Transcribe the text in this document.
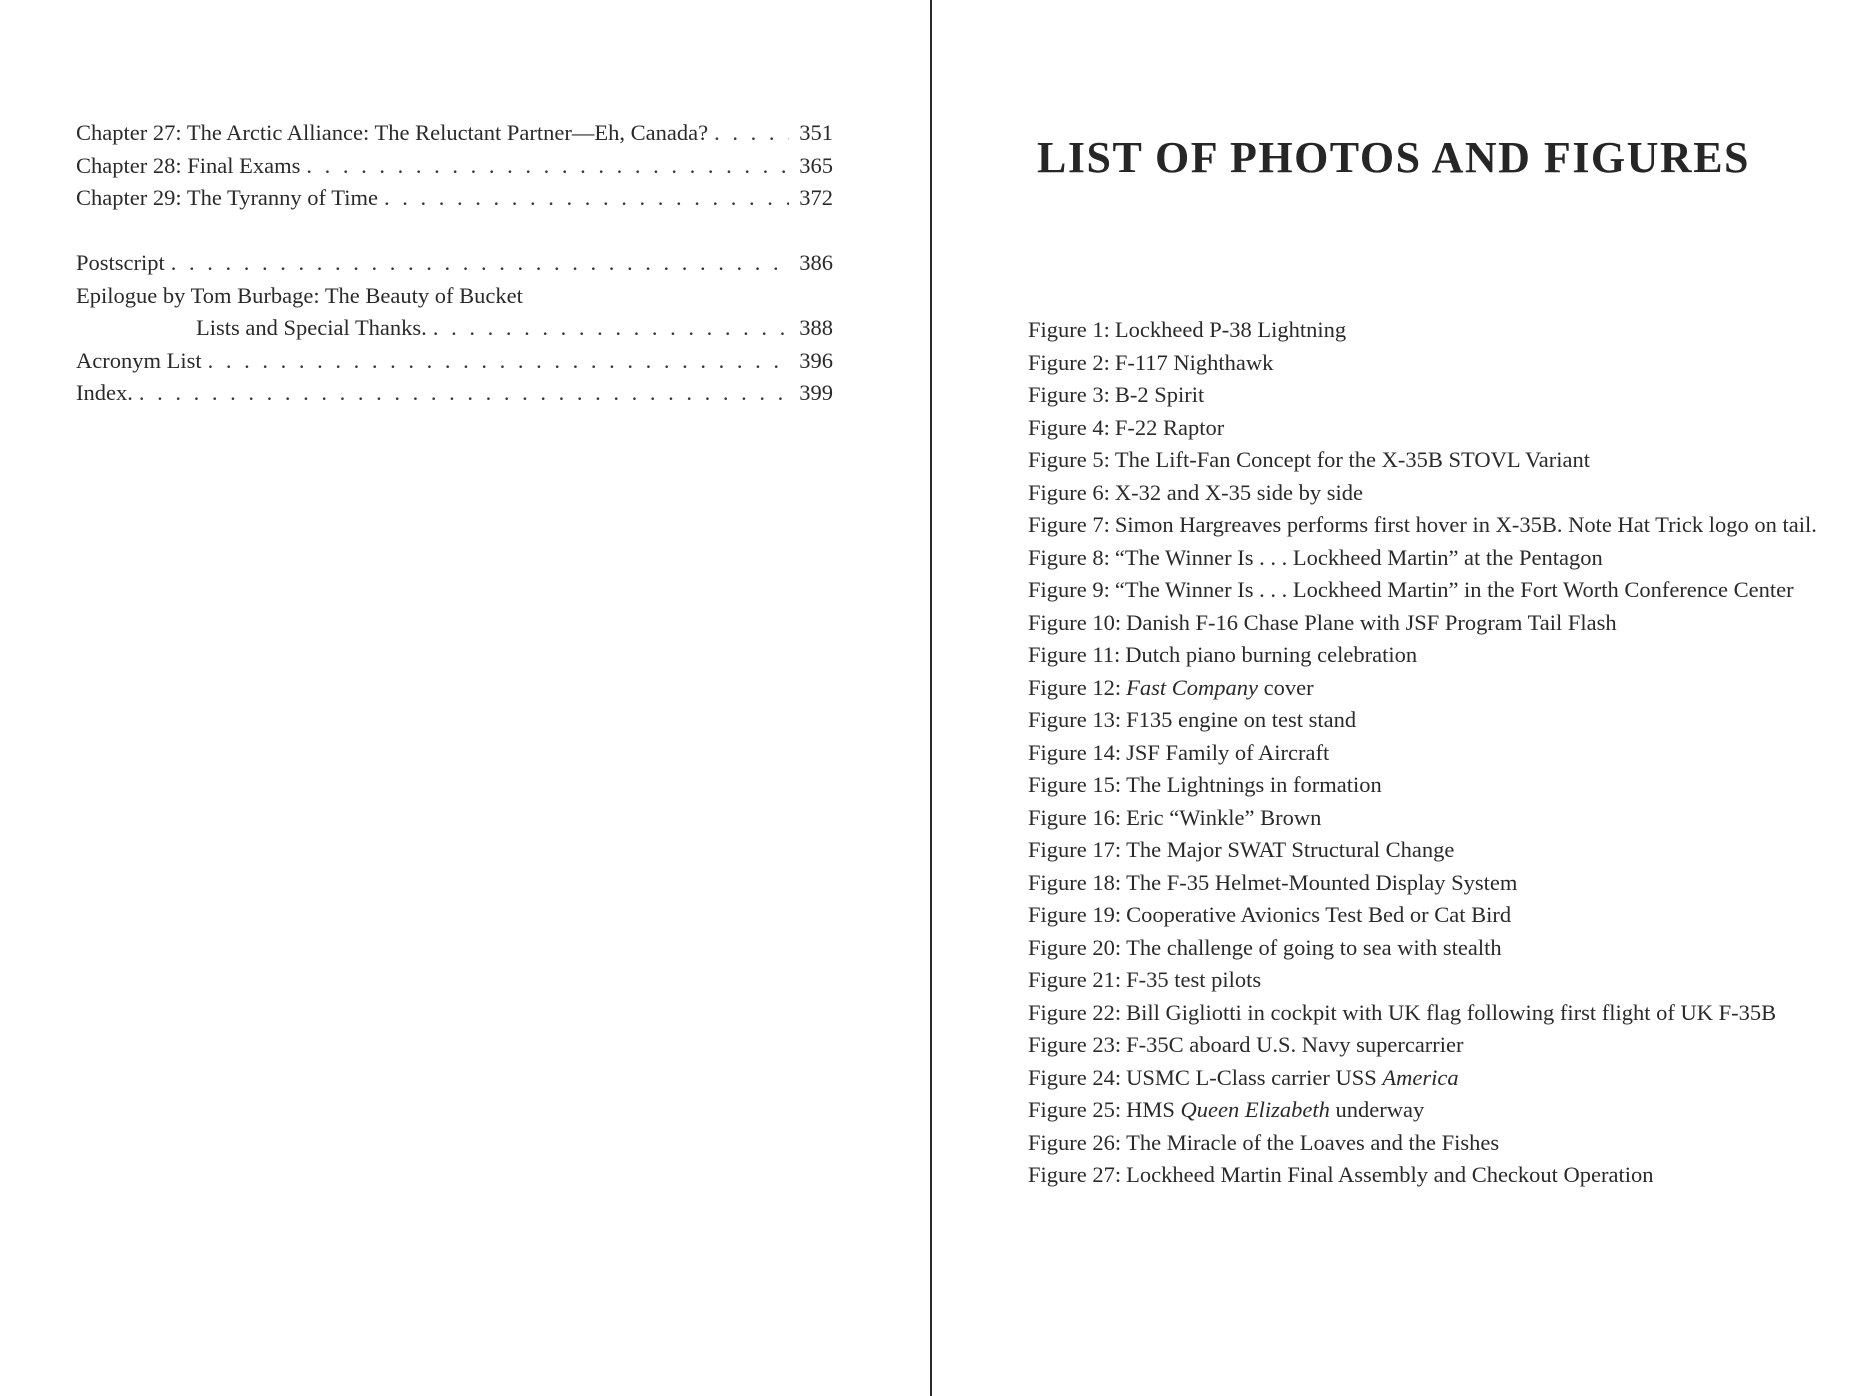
Chapter 27: The Arctic Alliance: The Reluctant Partner—Eh, Canada? . . .	351
Chapter 28: Final Exams . . .	365
Chapter 29: The Tyranny of Time . . .	372
Postscript . . .	386
Epilogue by Tom Burbage: The Beauty of Bucket
Lists and Special Thanks. . . .	388
Acronym List . . .	396
Index. . . .	399
LIST OF PHOTOS AND FIGURES
Figure 1: Lockheed P-38 Lightning
Figure 2: F-117 Nighthawk
Figure 3: B-2 Spirit
Figure 4: F-22 Raptor
Figure 5: The Lift-Fan Concept for the X-35B STOVL Variant
Figure 6: X-32 and X-35 side by side
Figure 7: Simon Hargreaves performs first hover in X-35B. Note Hat Trick logo on tail.
Figure 8: “The Winner Is . . . Lockheed Martin” at the Pentagon
Figure 9: “The Winner Is . . . Lockheed Martin” in the Fort Worth Conference Center
Figure 10: Danish F-16 Chase Plane with JSF Program Tail Flash
Figure 11: Dutch piano burning celebration
Figure 12: Fast Company cover
Figure 13: F135 engine on test stand
Figure 14: JSF Family of Aircraft
Figure 15: The Lightnings in formation
Figure 16: Eric “Winkle” Brown
Figure 17: The Major SWAT Structural Change
Figure 18: The F-35 Helmet-Mounted Display System
Figure 19: Cooperative Avionics Test Bed or Cat Bird
Figure 20: The challenge of going to sea with stealth
Figure 21: F-35 test pilots
Figure 22: Bill Gigliotti in cockpit with UK flag following first flight of UK F-35B
Figure 23: F-35C aboard U.S. Navy supercarrier
Figure 24: USMC L-Class carrier USS America
Figure 25: HMS Queen Elizabeth underway
Figure 26: The Miracle of the Loaves and the Fishes
Figure 27: Lockheed Martin Final Assembly and Checkout Operation
